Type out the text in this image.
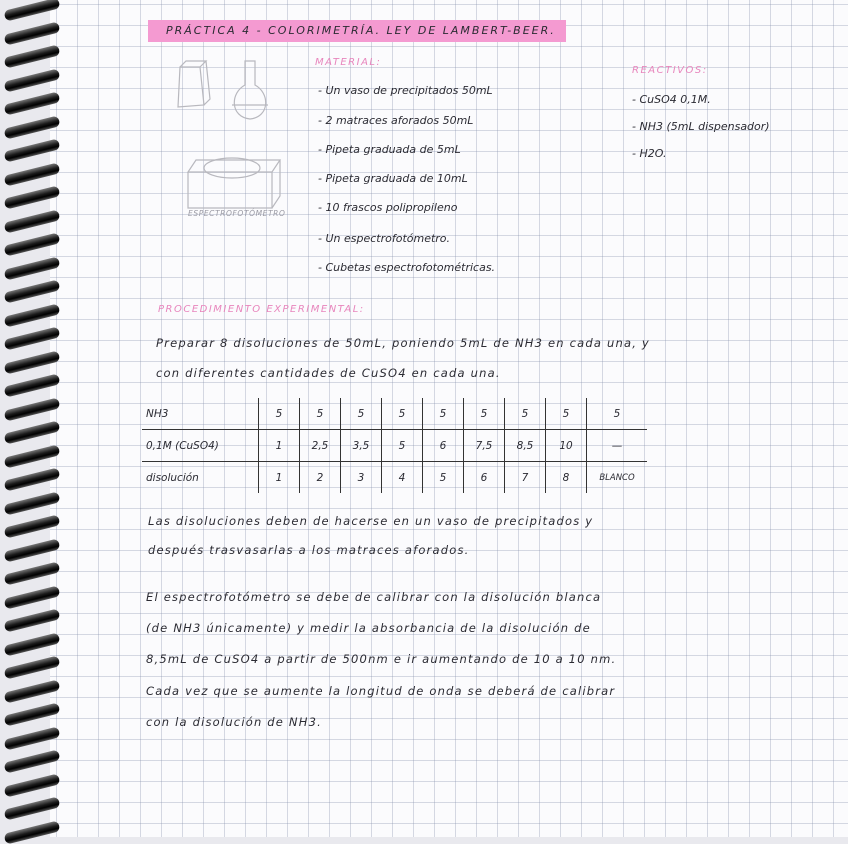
PRÁCTICA 4 - COLORIMETRÍA. LEY DE LAMBERT-BEER.
ESPECTROFOTÓMETRO
MATERIAL:
- Un vaso de precipitados 50mL
- 2 matraces aforados 50mL
- Pipeta graduada de 5mL
- Pipeta graduada de 10mL
- 10 frascos polipropileno
- Un espectrofotómetro.
- Cubetas espectrofotométricas.
REACTIVOS:
- CuSO4 0,1M.
- NH3 (5mL dispensador)
- H2O.
PROCEDIMIENTO EXPERIMENTAL:
Preparar 8 disoluciones de 50mL, poniendo 5mL de NH3 en cada una, y
con diferentes cantidades de CuSO4 en cada una.
NH3	5	5	5	5	5	5	5	5	5
0,1M (CuSO4)	1	2,5	3,5	5	6	7,5	8,5	10	—
disolución	1	2	3	4	5	6	7	8	BLANCO
Las disoluciones deben de hacerse en un vaso de precipitados y
después trasvasarlas a los matraces aforados.
El espectrofotómetro se debe de calibrar con la disolución blanca
(de NH3 únicamente) y medir la absorbancia de la disolución de
8,5mL de CuSO4 a partir de 500nm e ir aumentando de 10 a 10 nm.
Cada vez que se aumente la longitud de onda se deberá de calibrar
con la disolución de NH3.
